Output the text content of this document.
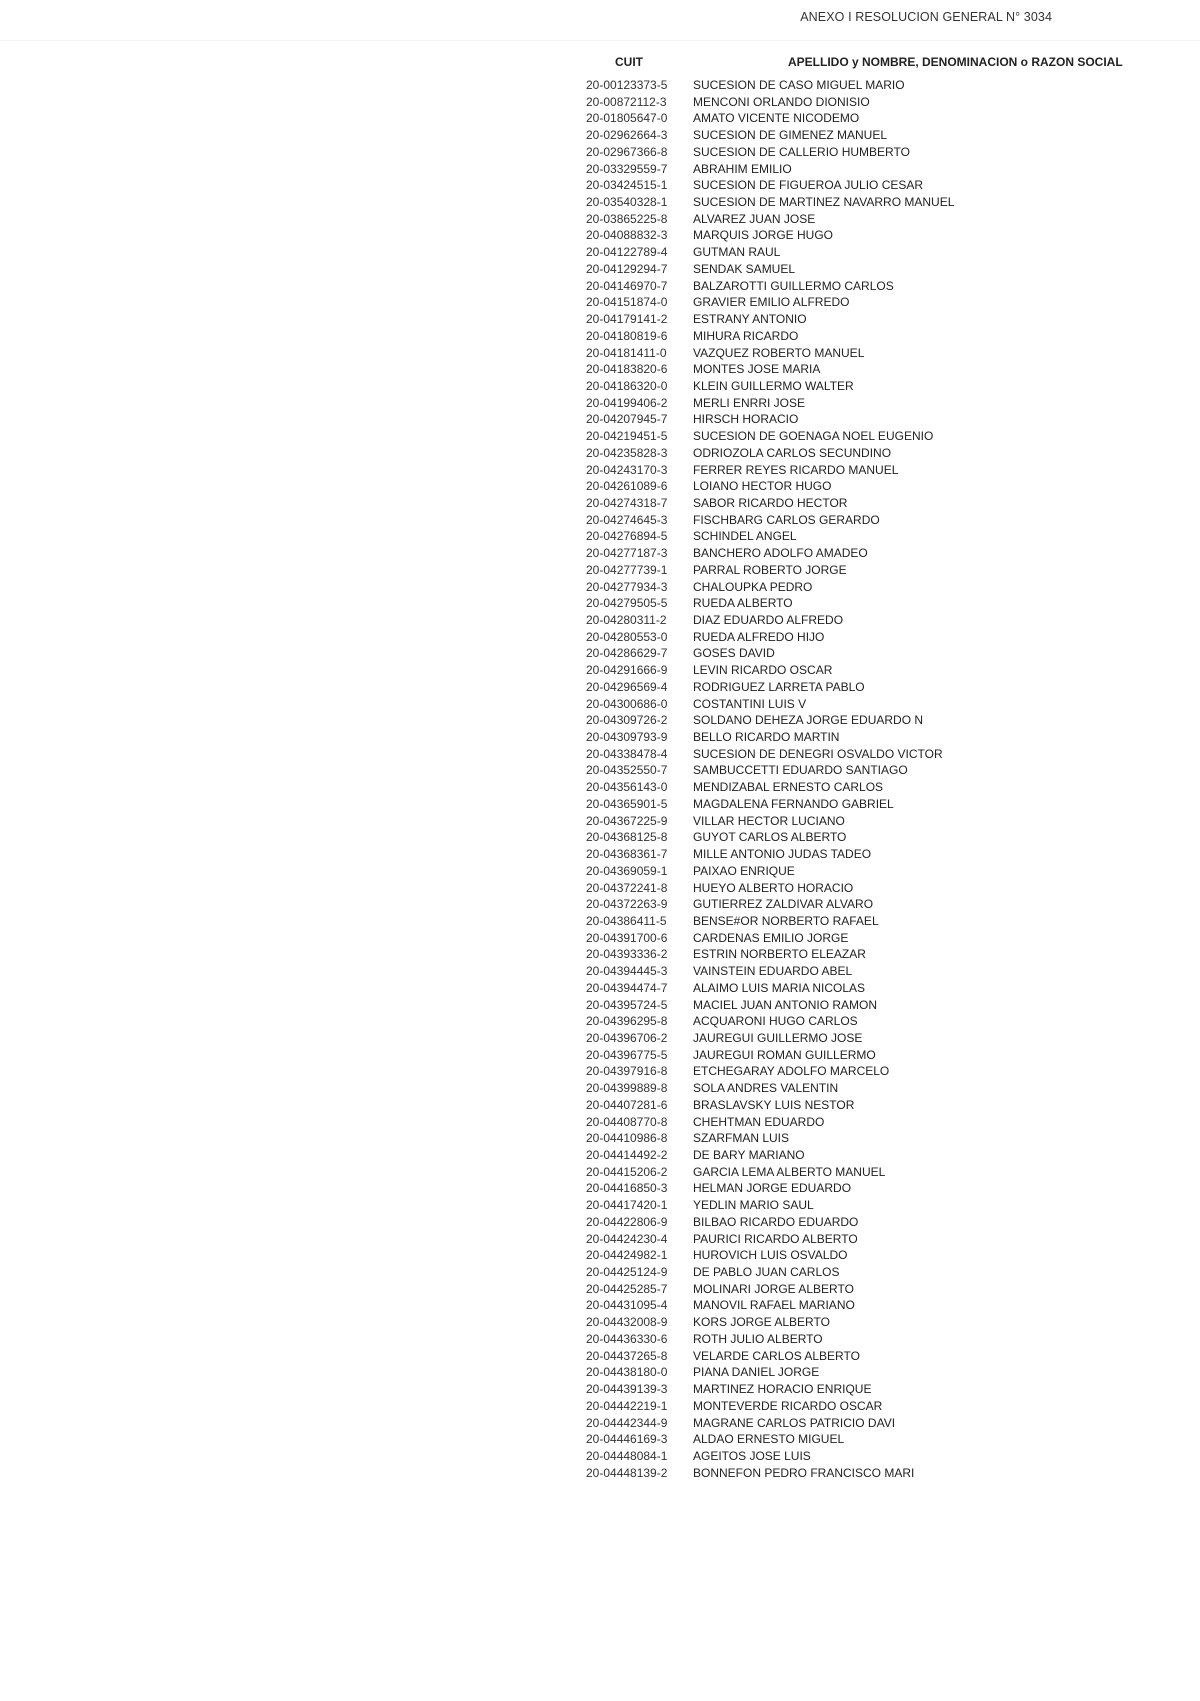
ANEXO I RESOLUCION GENERAL N° 3034
CUIT	APELLIDO y NOMBRE, DENOMINACION o RAZON SOCIAL
20-00123373-5 SUCESION DE CASO MIGUEL MARIO
20-00872112-3 MENCONI ORLANDO DIONISIO
20-01805647-0 AMATO VICENTE NICODEMO
20-02962664-3 SUCESION DE GIMENEZ MANUEL
20-02967366-8 SUCESION DE CALLERIO HUMBERTO
20-03329559-7 ABRAHIM EMILIO
20-03424515-1 SUCESION DE FIGUEROA JULIO CESAR
20-03540328-1 SUCESION DE MARTINEZ NAVARRO MANUEL
20-03865225-8 ALVAREZ JUAN JOSE
20-04088832-3 MARQUIS JORGE HUGO
20-04122789-4 GUTMAN RAUL
20-04129294-7 SENDAK SAMUEL
20-04146970-7 BALZAROTTI GUILLERMO CARLOS
20-04151874-0 GRAVIER EMILIO ALFREDO
20-04179141-2 ESTRANY ANTONIO
20-04180819-6 MIHURA RICARDO
20-04181411-0 VAZQUEZ ROBERTO MANUEL
20-04183820-6 MONTES JOSE MARIA
20-04186320-0 KLEIN GUILLERMO WALTER
20-04199406-2 MERLI ENRRI JOSE
20-04207945-7 HIRSCH HORACIO
20-04219451-5 SUCESION DE GOENAGA NOEL EUGENIO
20-04235828-3 ODRIOZOLA CARLOS SECUNDINO
20-04243170-3 FERRER REYES RICARDO MANUEL
20-04261089-6 LOIANO HECTOR HUGO
20-04274318-7 SABOR RICARDO HECTOR
20-04274645-3 FISCHBARG CARLOS GERARDO
20-04276894-5 SCHINDEL ANGEL
20-04277187-3 BANCHERO ADOLFO AMADEO
20-04277739-1 PARRAL ROBERTO JORGE
20-04277934-3 CHALOUPKA PEDRO
20-04279505-5 RUEDA ALBERTO
20-04280311-2 DIAZ EDUARDO ALFREDO
20-04280553-0 RUEDA ALFREDO HIJO
20-04286629-7 GOSES DAVID
20-04291666-9 LEVIN RICARDO OSCAR
20-04296569-4 RODRIGUEZ LARRETA PABLO
20-04300686-0 COSTANTINI LUIS V
20-04309726-2 SOLDANO DEHEZA JORGE EDUARDO N
20-04309793-9 BELLO RICARDO MARTIN
20-04338478-4 SUCESION DE DENEGRI OSVALDO VICTOR
20-04352550-7 SAMBUCCETTI EDUARDO SANTIAGO
20-04356143-0 MENDIZABAL ERNESTO CARLOS
20-04365901-5 MAGDALENA FERNANDO GABRIEL
20-04367225-9 VILLAR HECTOR LUCIANO
20-04368125-8 GUYOT CARLOS ALBERTO
20-04368361-7 MILLE ANTONIO JUDAS TADEO
20-04369059-1 PAIXAO ENRIQUE
20-04372241-8 HUEYO ALBERTO HORACIO
20-04372263-9 GUTIERREZ ZALDIVAR ALVARO
20-04386411-5 BENSE#OR NORBERTO RAFAEL
20-04391700-6 CARDENAS EMILIO JORGE
20-04393336-2 ESTRIN NORBERTO ELEAZAR
20-04394445-3 VAINSTEIN EDUARDO ABEL
20-04394474-7 ALAIMO LUIS MARIA NICOLAS
20-04395724-5 MACIEL JUAN ANTONIO RAMON
20-04396295-8 ACQUARONI HUGO CARLOS
20-04396706-2 JAUREGUI GUILLERMO JOSE
20-04396775-5 JAUREGUI ROMAN GUILLERMO
20-04397916-8 ETCHEGARAY ADOLFO MARCELO
20-04399889-8 SOLA ANDRES VALENTIN
20-04407281-6 BRASLAVSKY LUIS NESTOR
20-04408770-8 CHEHTMAN EDUARDO
20-04410986-8 SZARFMAN LUIS
20-04414492-2 DE BARY MARIANO
20-04415206-2 GARCIA LEMA ALBERTO MANUEL
20-04416850-3 HELMAN JORGE EDUARDO
20-04417420-1 YEDLIN MARIO SAUL
20-04422806-9 BILBAO RICARDO EDUARDO
20-04424230-4 PAURICI RICARDO ALBERTO
20-04424982-1 HUROVICH LUIS OSVALDO
20-04425124-9 DE PABLO JUAN CARLOS
20-04425285-7 MOLINARI JORGE ALBERTO
20-04431095-4 MANOVIL RAFAEL MARIANO
20-04432008-9 KORS JORGE ALBERTO
20-04436330-6 ROTH JULIO ALBERTO
20-04437265-8 VELARDE CARLOS ALBERTO
20-04438180-0 PIANA DANIEL JORGE
20-04439139-3 MARTINEZ HORACIO ENRIQUE
20-04442219-1 MONTEVERDE RICARDO OSCAR
20-04442344-9 MAGRANE CARLOS PATRICIO DAVI
20-04446169-3 ALDAO ERNESTO MIGUEL
20-04448084-1 AGEITOS JOSE LUIS
20-04448139-2 BONNEFON PEDRO FRANCISCO MARI
